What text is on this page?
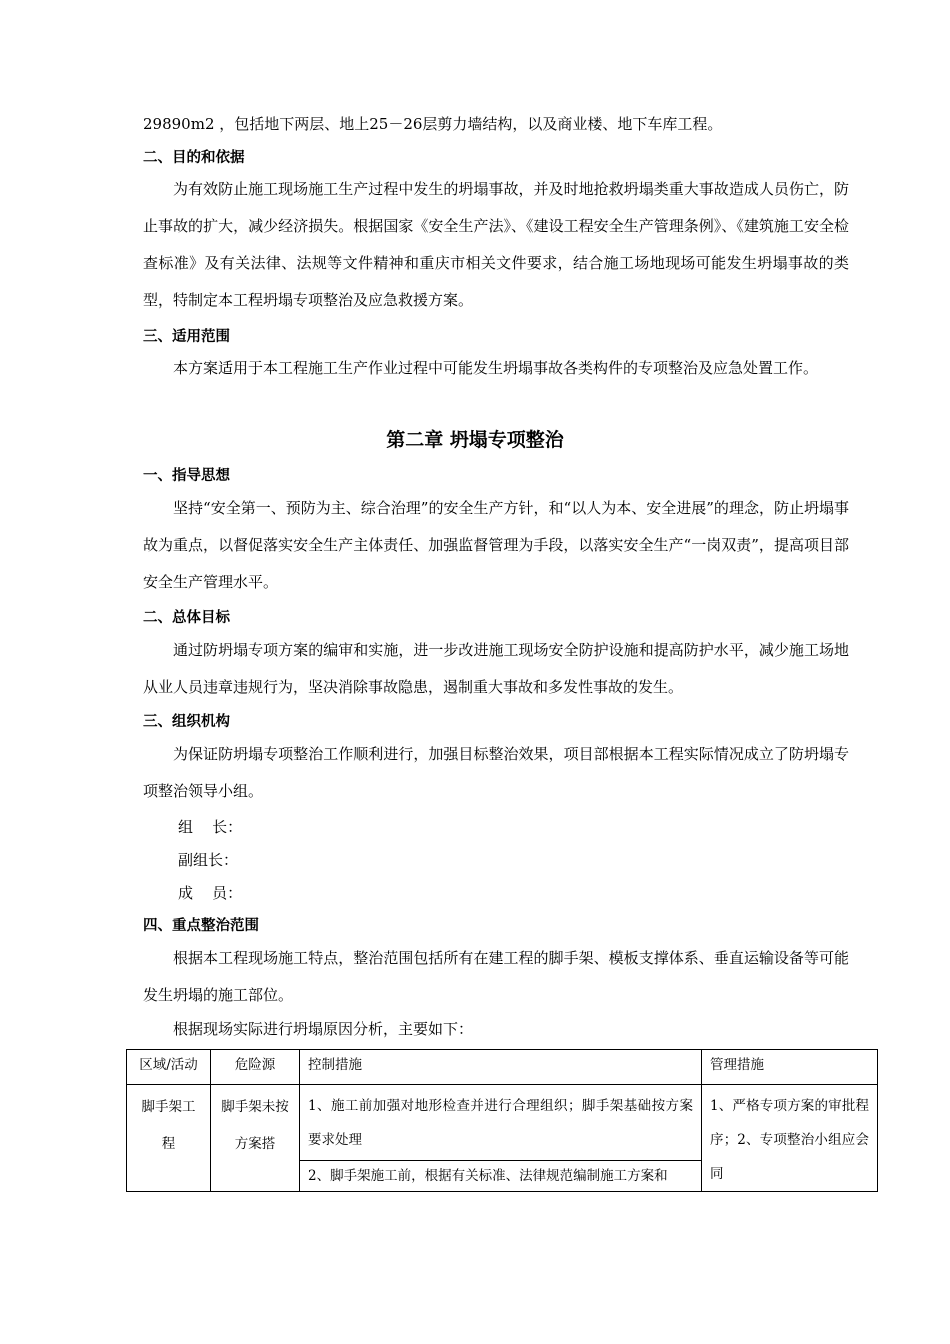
29890m2 ，包括地下两层、地上25－26层剪力墙结构，以及商业楼、地下车库工程。
二、目的和依据

为有效防止施工现场施工生产过程中发生的坍塌事故，并及时地抢救坍塌类重大事故造成人员伤亡，防止事故的扩大，减少经济损失。根据国家《安全生产法》、《建设工程安全生产管理条例》、《建筑施工安全检查标准》及有关法律、法规等文件精神和重庆市相关文件要求，结合施工场地现场可能发生坍塌事故的类型，特制定本工程坍塌专项整治及应急救援方案。

三、适用范围

本方案适用于本工程施工生产作业过程中可能发生坍塌事故各类构件的专项整治及应急处置工作。

第二章 坍塌专项整治
一、指导思想

坚持“安全第一、预防为主、综合治理”的安全生产方针，和“以人为本、安全进展”的理念，防止坍塌事故为重点，以督促落实安全生产主体责任、加强监督管理为手段，以落实安全生产“一岗双责”，提高项目部安全生产管理水平。

二、总体目标

通过防坍塌专项方案的编审和实施，进一步改进施工现场安全防护设施和提高防护水平，减少施工场地从业人员违章违规行为，坚决消除事故隐患，遏制重大事故和多发性事故的发生。

三、组织机构

为保证防坍塌专项整治工作顺利进行，加强目标整治效果，项目部根据本工程实际情况成立了防坍塌专项整治领导小组。

组    长：
副组长：
成    员：
四、重点整治范围

根据本工程现场施工特点，整治范围包括所有在建工程的脚手架、模板支撑体系、垂直运输设备等可能发生坍塌的施工部位。

根据现场实际进行坍塌原因分析，主要如下：
区域/活动	危险源	控制措施	管理措施
脚手架工程	脚手架未按方案搭	1、施工前加强对地形检查并进行合理组织；脚手架基础按方案要求处理	1、严格专项方案的审批程序；2、专项整治小组应会同

		2、脚手架施工前，根据有关标准、法律规范编制施工方案和	
